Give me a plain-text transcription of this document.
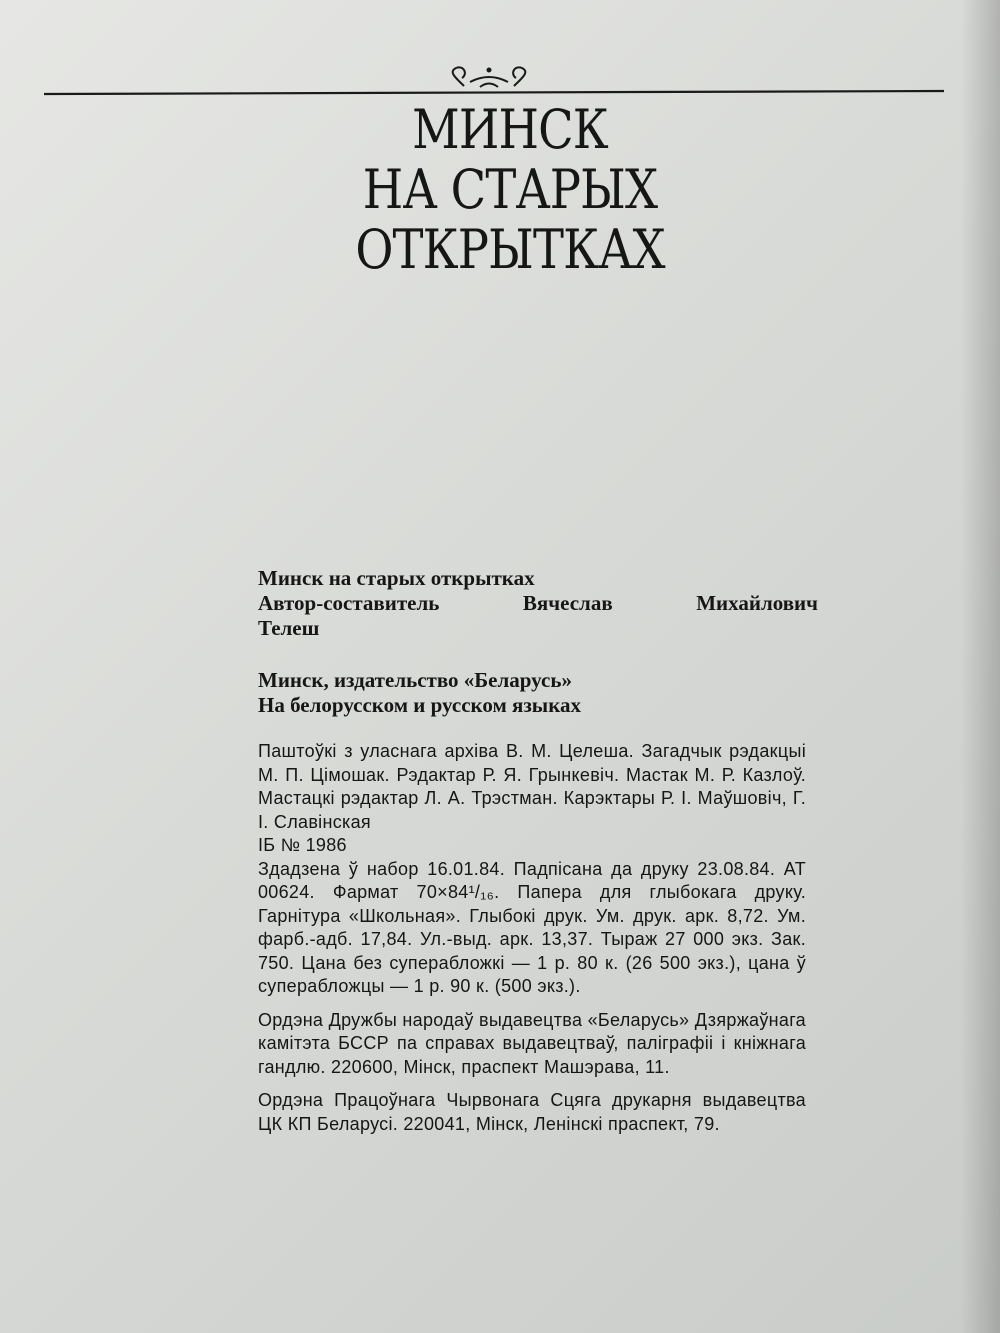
МИНСК
НА СТАРЫХ
ОТКРЫТКАХ

Минск на старых открытках

Автор-составитель Вячеслав Михайлович
Телеш

Минск, издательство «Беларусь»

На белорусском и русском языках

Паштоўкі з уласнага архіва В. М. Целеша. Загадчык рэдакцыі М. П. Цімошак. Рэдактар Р. Я. Грынкевіч. Мастак М. Р. Казлоў. Мастацкі рэдактар Л. А. Трэстман. Карэктары Р. І. Маўшовіч, Г. І. Славінская

ІБ № 1986

Здадзена ў набор 16.01.84. Падпісана да друку 23.08.84. АТ 00624. Фармат 70×84¹/₁₆. Папера для глыбокага друку. Гарнітура «Школьная». Глыбокі друк. Ум. друк. арк. 8,72. Ум. фарб.-адб. 17,84. Ул.-выд. арк. 13,37. Тыраж 27 000 экз. Зак. 750. Цана без суперабложкі — 1 р. 80 к. (26 500 экз.), цана ў суперабложцы — 1 р. 90 к. (500 экз.).

Ордэна Дружбы народаў выдавецтва «Беларусь» Дзяржаўнага камітэта БССР па справах выдавецтваў, паліграфіі і кніжнага гандлю. 220600, Мінск, праспект Машэрава, 11.

Ордэна Працоўнага Чырвонага Сцяга друкарня выдавецтва ЦК КП Беларусі. 220041, Мінск, Ленінскі праспект, 79.
